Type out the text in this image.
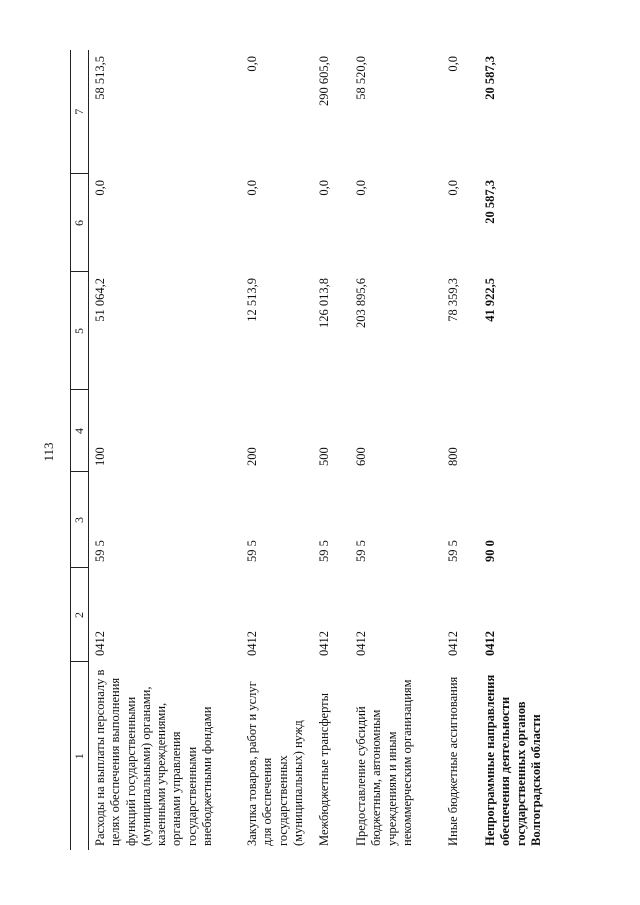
113
1	2	3	4	5	6	7
Расходы на выплаты персоналу в целях обеспечения выполнения функций государственными (муниципальными) органами, казенными учреждениями, органами управления государственными внебюджетными фондами	0412	59 5	100	51 064,2	0,0	58 513,5
Закупка товаров, работ и услуг для обеспечения государственных (муниципальных) нужд	0412	59 5	200	12 513,9	0,0	0,0
Межбюджетные трансферты	0412	59 5	500	126 013,8	0,0	290 605,0
Предоставление субсидий бюджетным, автономным учреждениям и иным некоммерческим организациям	0412	59 5	600	203 895,6	0,0	58 520,0
Иные бюджетные ассигнования	0412	59 5	800	78 359,3	0,0	0,0
Непрограммные направления обеспечения деятельности государственных органов Волгоградской области	0412	90 0		41 922,5	20 587,3	20 587,3
